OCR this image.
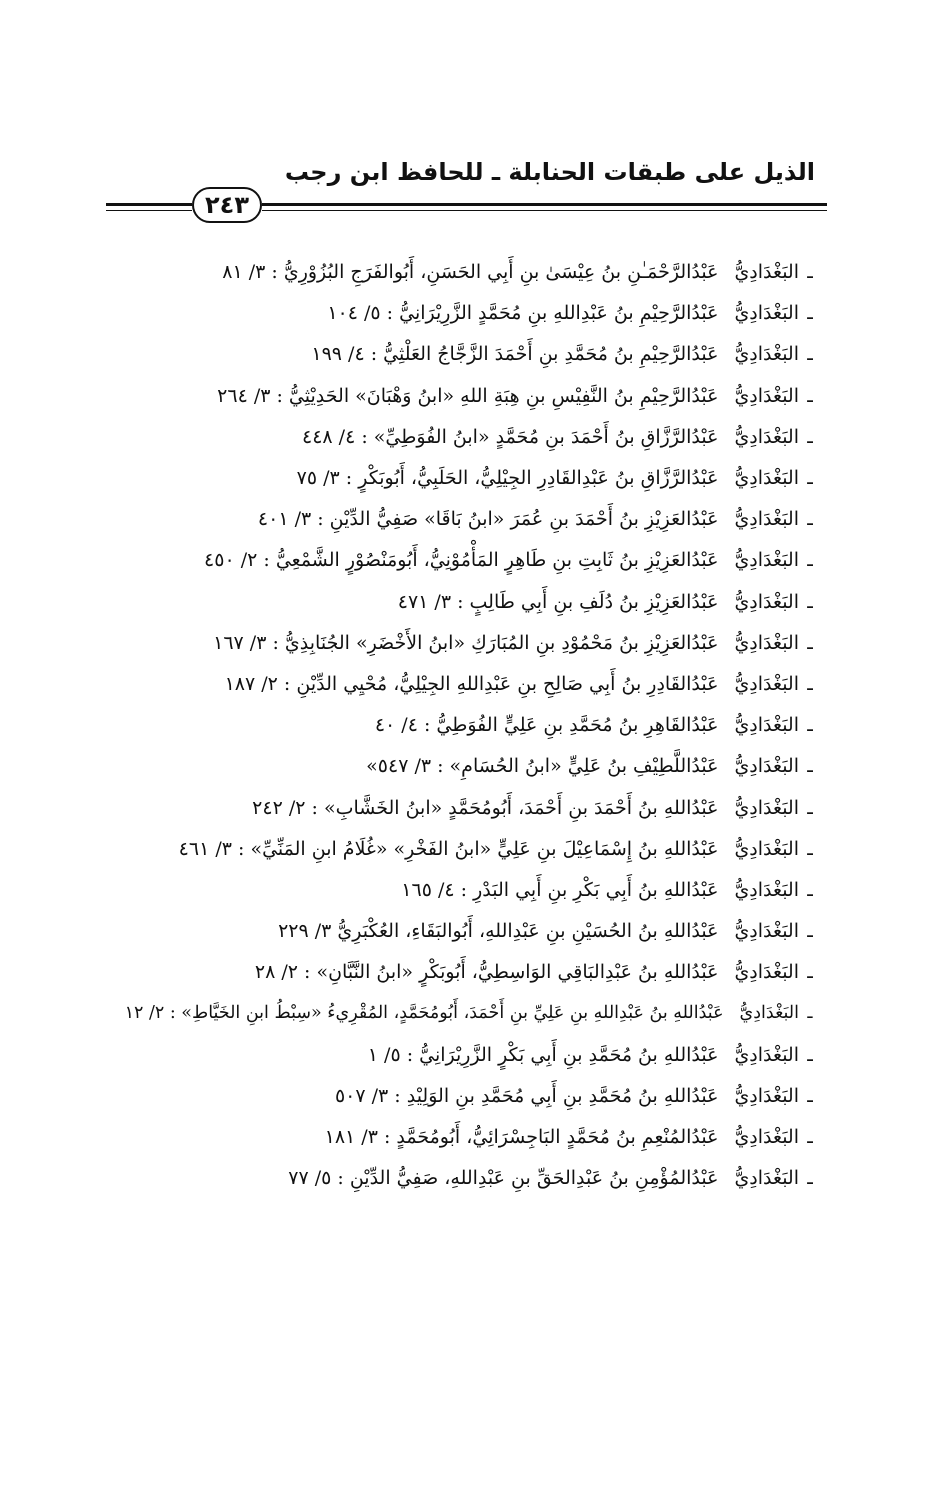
الذيل على طبقات الحنابلة ـ للحافظ ابن رجب
٢٤٣
ـ
البَغْدَادِيُّ
عَبْدُالرَّحْمَـٰنِ بنُ عِيْسَىٰ بنِ أَبِي الحَسَنِ، أَبُوالفَرَجِ البُزُوْرِيُّ : ٣/ ٨١
ـ
البَغْدَادِيُّ
عَبْدُالرَّحِيْمِ بنُ عَبْدِاللهِ بنِ مُحَمَّدٍ الزَّرِيْرَانِيُّ : ٥/ ١٠٤
ـ
البَغْدَادِيُّ
عَبْدُالرَّحِيْمِ بنُ مُحَمَّدِ بنِ أَحْمَدَ الزَّجَّاجُ العَلْثِيُّ : ٤/ ١٩٩
ـ
البَغْدَادِيُّ
عَبْدُالرَّحِيْمِ بنُ النَّفِيْسِ بنِ هِبَةِ اللهِ «ابنُ وَهْبَانَ» الحَدِيْثِيُّ : ٣/ ٢٦٤
ـ
البَغْدَادِيُّ
عَبْدُالرَّزَّاقِ بنُ أَحْمَدَ بنِ مُحَمَّدٍ «ابنُ الفُوَطِيِّ» : ٤/ ٤٤٨
ـ
البَغْدَادِيُّ
عَبْدُالرَّزَّاقِ بنُ عَبْدِالقَادِرِ الجِيْلِيُّ، الحَلَبِيُّ، أَبُوبَكْرٍ : ٣/ ٧٥
ـ
البَغْدَادِيُّ
عَبْدُالعَزِيْزِ بنُ أَحْمَدَ بنِ عُمَرَ «ابنُ بَاقَا» صَفِيُّ الدِّيْنِ : ٣/ ٤٠١
ـ
البَغْدَادِيُّ
عَبْدُالعَزِيْزِ بنُ ثَابِتِ بنِ طَاهِرٍ المَأْمُوْنِيُّ، أَبُومَنْصُوْرٍ الشَّمْعِيُّ : ٢/ ٤٥٠
ـ
البَغْدَادِيُّ
عَبْدُالعَزِيْزِ بنُ دُلَفِ بنِ أَبِي طَالِبٍ : ٣/ ٤٧١
ـ
البَغْدَادِيُّ
عَبْدُالعَزِيْزِ بنُ مَحْمُوْدِ بنِ المُبَارَكِ «ابنُ الأَخْضَرِ» الجُنَابِذِيُّ : ٣/ ١٦٧
ـ
البَغْدَادِيُّ
عَبْدُالقَادِرِ بنُ أَبِي صَالِحِ بنِ عَبْدِاللهِ الجِيْلِيُّ، مُحْيِي الدِّيْنِ : ٢/ ١٨٧
ـ
البَغْدَادِيُّ
عَبْدُالقَاهِرِ بنُ مُحَمَّدِ بنِ عَلِيٍّ الفُوَطِيُّ : ٤/ ٤٠
ـ
البَغْدَادِيُّ
عَبْدُاللَّطِيْفِ بنُ عَلِيٍّ «ابنُ الحُسَامِ» : ٣/ ٥٤٧»
ـ
البَغْدَادِيُّ
عَبْدُاللهِ بنُ أَحْمَدَ بنِ أَحْمَدَ، أَبُومُحَمَّدٍ «ابنُ الخَشَّابِ» : ٢/ ٢٤٢
ـ
البَغْدَادِيُّ
عَبْدُاللهِ بنُ إِسْمَاعِيْلَ بنِ عَلِيٍّ «ابنُ الفَخْرِ» «غُلَامُ ابنِ المَنِّيِّ» : ٣/ ٤٦١
ـ
البَغْدَادِيُّ
عَبْدُاللهِ بنُ أَبِي بَكْرِ بنِ أَبِي البَدْرِ : ٤/ ١٦٥
ـ
البَغْدَادِيُّ
عَبْدُاللهِ بنُ الحُسَيْنِ بنِ عَبْدِاللهِ، أَبُوالبَقَاءِ، العُكْبَرِيُّ ٣/ ٢٢٩
ـ
البَغْدَادِيُّ
عَبْدُاللهِ بنُ عَبْدِالبَاقِي الوَاسِطِيُّ، أَبُوبَكْرٍ «ابنُ النَّبَّانِ» : ٢/ ٢٨
ـ
البَغْدَادِيُّ
عَبْدُاللهِ بنُ عَبْدِاللهِ بنِ عَلِيِّ بنِ أَحْمَدَ، أَبُومُحَمَّدٍ، المُقْرِيءُ «سِبْطُ ابنِ الخَيَّاطِ» : ٢/ ١٢
ـ
البَغْدَادِيُّ
عَبْدُاللهِ بنُ مُحَمَّدِ بنِ أَبِي بَكْرٍ الزَّرِيْرَانِيُّ : ٥/ ١
ـ
البَغْدَادِيُّ
عَبْدُاللهِ بنُ مُحَمَّدِ بنِ أَبِي مُحَمَّدِ بنِ الوَلِيْدِ : ٣/ ٥٠٧
ـ
البَغْدَادِيُّ
عَبْدُالمُنْعِمِ بنُ مُحَمَّدٍ البَاجِسْرَائِيُّ، أَبُومُحَمَّدٍ : ٣/ ١٨١
ـ
البَغْدَادِيُّ
عَبْدُالمُؤْمِنِ بنُ عَبْدِالحَقِّ بنِ عَبْدِاللهِ، صَفِيُّ الدِّيْنِ : ٥/ ٧٧
